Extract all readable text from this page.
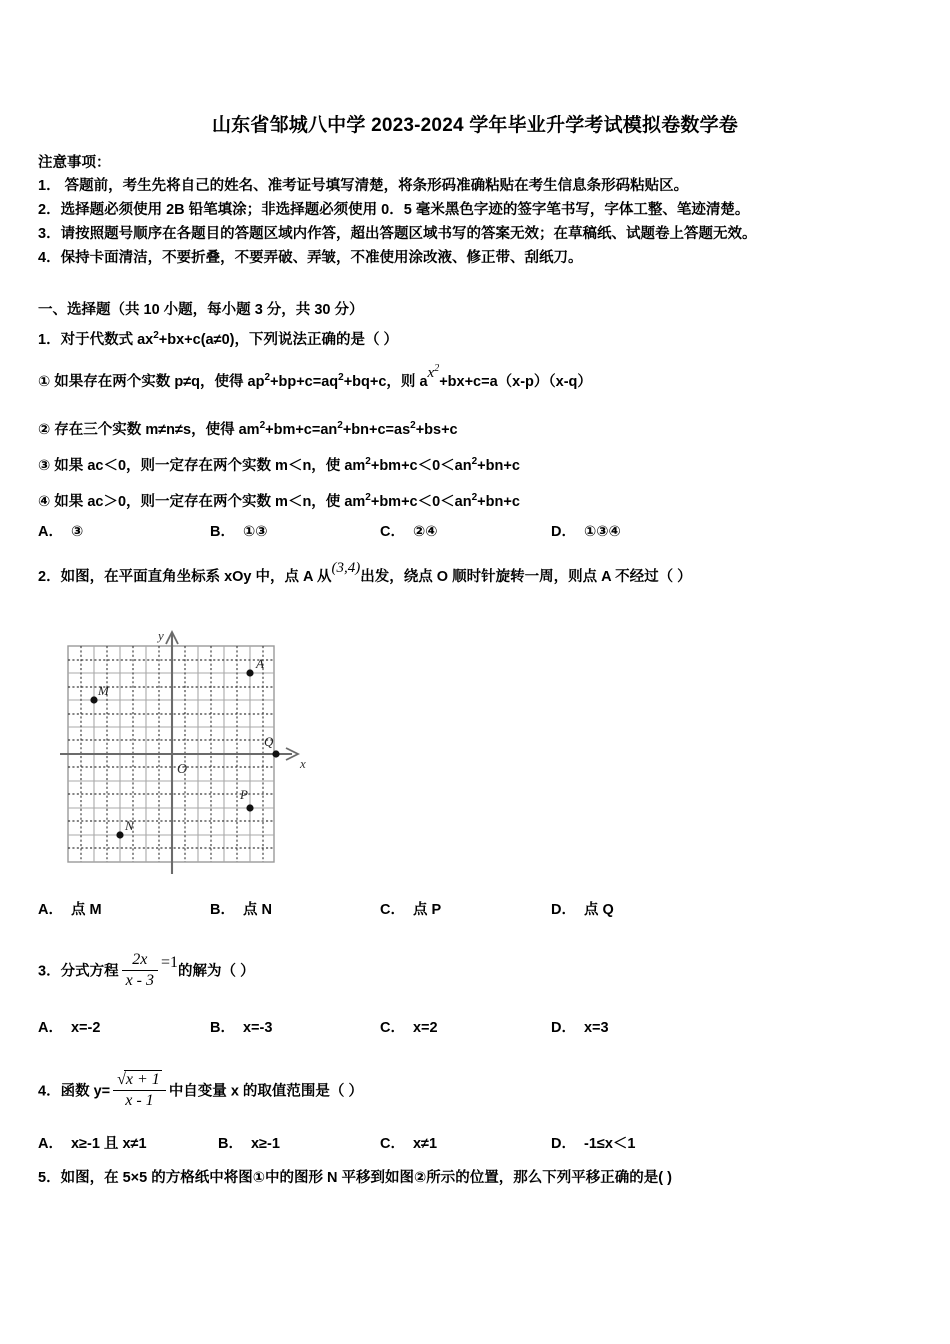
山东省邹城八中学 2023-2024 学年毕业升学考试模拟卷数学卷
注意事项：
1． 答题前，考生先将自己的姓名、准考证号填写清楚，将条形码准确粘贴在考生信息条形码粘贴区。
2．选择题必须使用 2B 铅笔填涂；非选择题必须使用 0．5 毫米黑色字迹的签字笔书写，字体工整、笔迹清楚。
3．请按照题号顺序在各题目的答题区域内作答，超出答题区域书写的答案无效；在草稿纸、试题卷上答题无效。
4．保持卡面清洁，不要折叠，不要弄破、弄皱，不准使用涂改液、修正带、刮纸刀。
一、选择题（共 10 小题，每小题 3 分，共 30 分）
1．对于代数式 $ax^2+bx+c(a\ne 0)$，下列说法正确的是（ ）
① 如果存在两个实数 p≠q，使得 $ap^2+bp+c=aq^2+bq+c$，则 $ax^2+bx+c=a(x-p)(x-q)$
② 存在三个实数 m≠n≠s，使得 $am^2+bm+c=an^2+bn+c=as^2+bs+c$
③ 如果 ac＜0，则一定存在两个实数 m＜n，使 $am^2+bm+c<0<an^2+bn+c$
④ 如果 ac＞0，则一定存在两个实数 m＜n，使 $am^2+bm+c<0<an^2+bn+c$
A． ③	B． ①③	C． ②④	D． ①③④
2．如图，在平面直角坐标系 xOy 中，点 A 从(3,4)出发，绕点 O 顺时针旋转一周，则点 A 不经过（ ）
x
y
O
A
M
N
P
Q
A． 点 M	B． 点 N	C． 点 P	D． 点 Q
3．分式方程 $\frac{2x}{x - 3} =1$的解为（ ）
A． x=-2	B． x=-3	C． x=2	D． x=3
4．函数 $y= \frac{√x + 1}{x - 1}$ 中自变量 x 的取值范围是（ ）
A． x≥-1 且 x≠1	B． x≥-1	C． x≠1	D． -1≤x＜1
5．如图，在 5×5 的方格纸中将图①中的图形 N 平移到如图②所示的位置，那么下列平移正确的是( )
